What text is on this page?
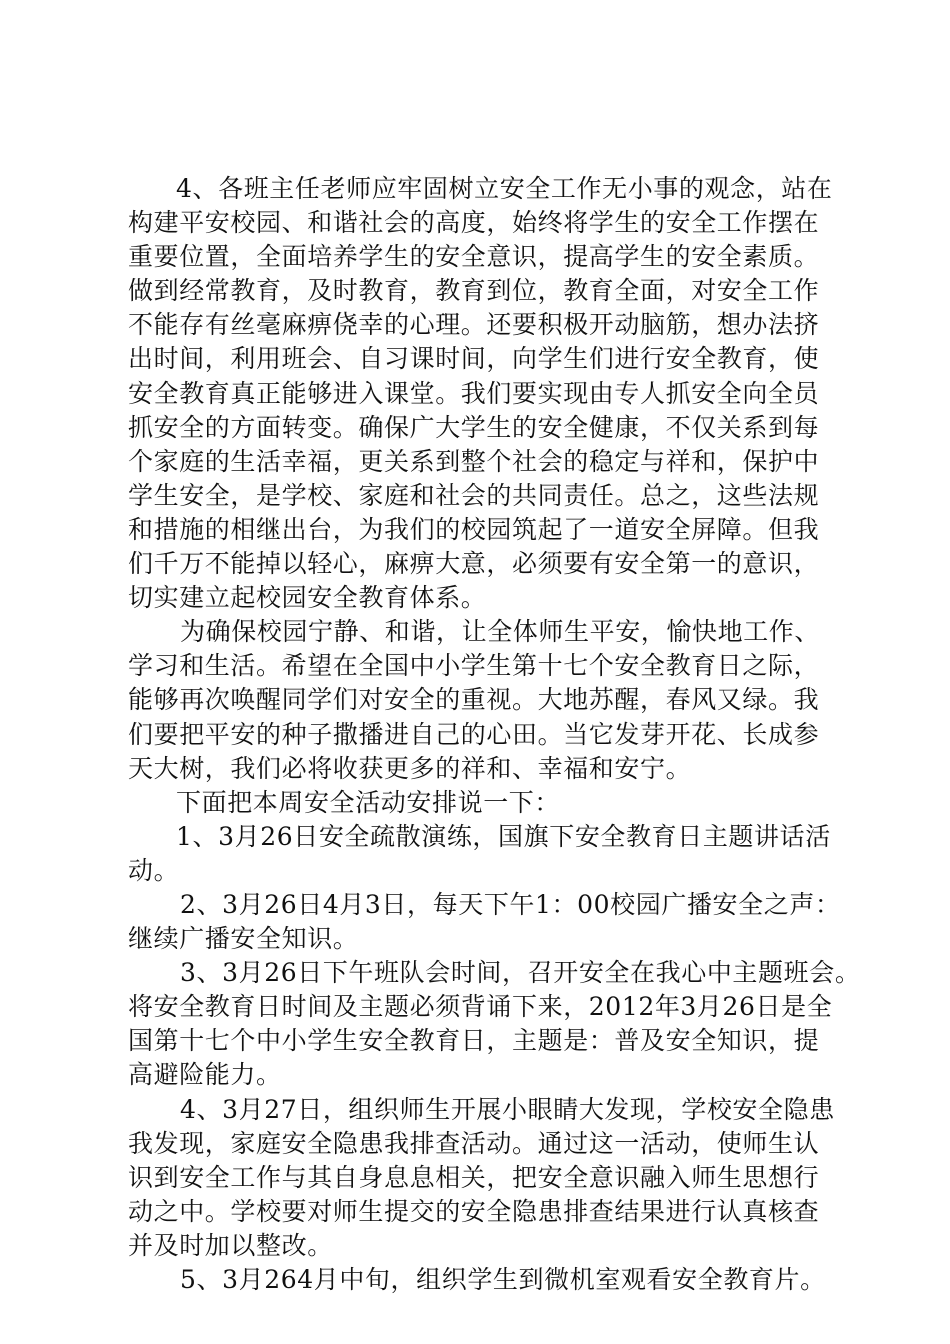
4、各班主任老师应牢固树立安全工作无小事的观念，站在
构建平安校园、和谐社会的高度，始终将学生的安全工作摆在
重要位置，全面培养学生的安全意识，提高学生的安全素质。
做到经常教育，及时教育，教育到位，教育全面，对安全工作
不能存有丝毫麻痹侥幸的心理。还要积极开动脑筋，想办法挤
出时间，利用班会、自习课时间，向学生们进行安全教育，使
安全教育真正能够进入课堂。我们要实现由专人抓安全向全员
抓安全的方面转变。确保广大学生的安全健康，不仅关系到每
个家庭的生活幸福，更关系到整个社会的稳定与祥和，保护中
学生安全，是学校、家庭和社会的共同责任。总之，这些法规
和措施的相继出台，为我们的校园筑起了一道安全屏障。但我
们千万不能掉以轻心，麻痹大意，必须要有安全第一的意识，
切实建立起校园安全教育体系。
为确保校园宁静、和谐，让全体师生平安，愉快地工作、
学习和生活。希望在全国中小学生第十七个安全教育日之际，
能够再次唤醒同学们对安全的重视。大地苏醒，春风又绿。我
们要把平安的种子撒播进自己的心田。当它发芽开花、长成参
天大树，我们必将收获更多的祥和、幸福和安宁。
下面把本周安全活动安排说一下：
1、3月26日安全疏散演练，国旗下安全教育日主题讲话活
动。
2、3月26日4月3日，每天下午1：00校园广播安全之声：
继续广播安全知识。
3、3月26日下午班队会时间，召开安全在我心中主题班会。
将安全教育日时间及主题必须背诵下来，2012年3月26日是全
国第十七个中小学生安全教育日，主题是：普及安全知识，提
高避险能力。
4、3月27日，组织师生开展小眼睛大发现，学校安全隐患
我发现，家庭安全隐患我排查活动。通过这一活动，使师生认
识到安全工作与其自身息息相关，把安全意识融入师生思想行
动之中。学校要对师生提交的安全隐患排查结果进行认真核查
并及时加以整改。
5、3月264月中旬，组织学生到微机室观看安全教育片。
